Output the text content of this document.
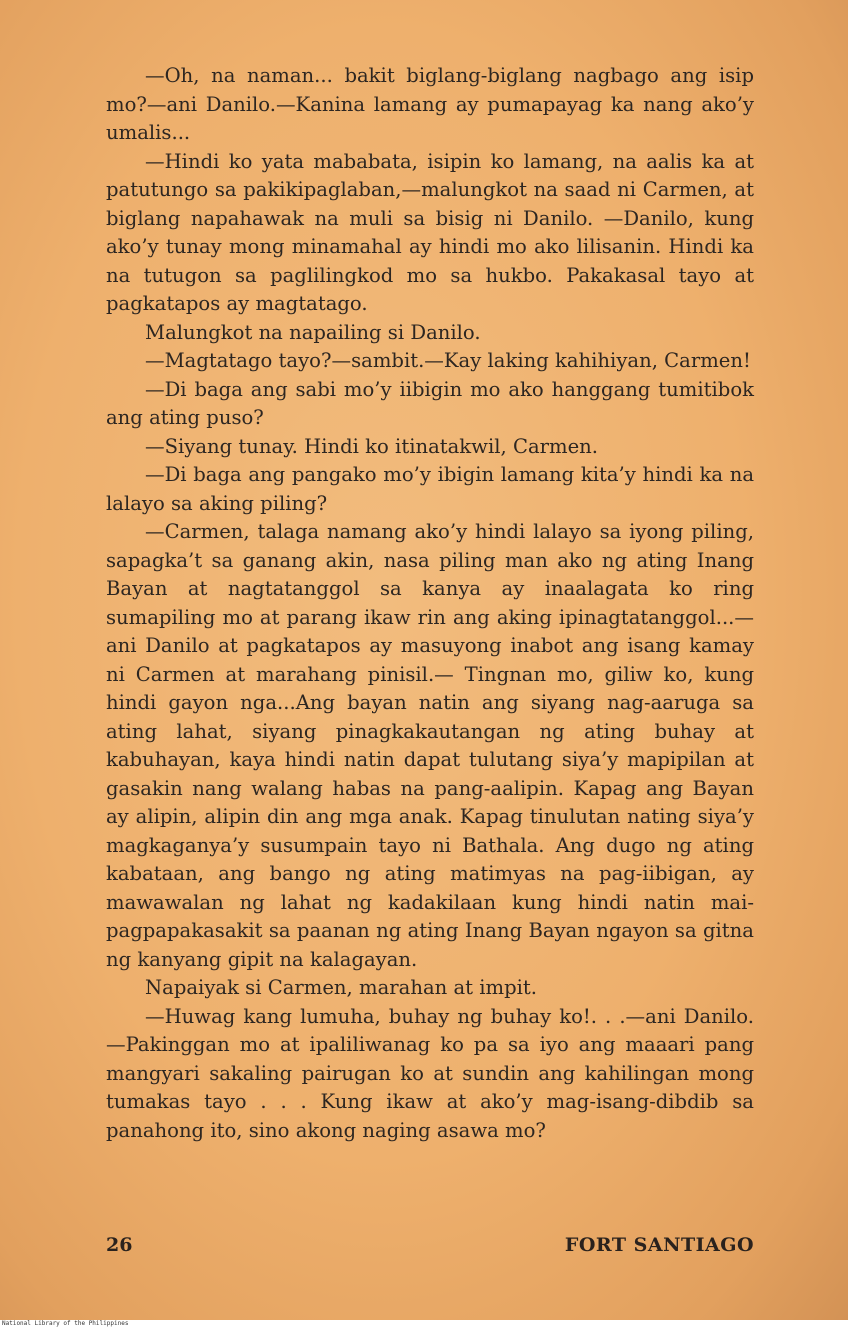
—Oh, na naman... bakit biglang-biglang nagbago ang isip mo?—ani Danilo.—Kanina lamang ay pumapayag ka nang ako’y umalis...

—Hindi ko yata mababata, isipin ko lamang, na aalis ka at patutungo sa pakikipaglaban,—malungkot na saad ni Carmen, at biglang napahawak na muli sa bisig ni Danilo. —Danilo, kung ako’y tunay mong minamahal ay hindi mo ako lilisanin. Hindi ka na tutugon sa paglilingkod mo sa hukbo. Pakakasal tayo at pagkatapos ay magtatago.

Malungkot na napailing si Danilo.

—Magtatago tayo?—sambit.—Kay laking kahihiyan, Carmen!

—Di baga ang sabi mo’y iibigin mo ako hanggang tumitibok ang ating puso?

—Siyang tunay. Hindi ko itinatakwil, Carmen.

—Di baga ang pangako mo’y ibigin lamang kita’y hindi ka na lalayo sa aking piling?

—Carmen, talaga namang ako’y hindi lalayo sa iyong piling, sapagka’t sa ganang akin, nasa piling man ako ng ating Inang Bayan at nagtatanggol sa kanya ay inaalagata ko ring sumapiling mo at parang ikaw rin ang aking ipinagtatanggol...—ani Danilo at pagkatapos ay masuyong inabot ang isang kamay ni Carmen at marahang pinisil.— Tingnan mo, giliw ko, kung hindi gayon nga...Ang bayan natin ang siyang nag-aaruga sa ating lahat, siyang pinagkakautangan ng ating buhay at kabuhayan, kaya hindi natin dapat tulutang siya’y mapipilan at gasakin nang walang habas na pang-aalipin. Kapag ang Bayan ay alipin, alipin din ang mga anak. Kapag tinulutan nating siya’y magkaganya’y susumpain tayo ni Bathala. Ang dugo ng ating kabataan, ang bango ng ating matimyas na pag-iibigan, ay mawawalan ng lahat ng kadakilaan kung hindi natin maipagpapakasakit sa paanan ng ating Inang Bayan ngayon sa gitna ng kanyang gipit na kalagayan.

Napaiyak si Carmen, marahan at impit.

—Huwag kang lumuha, buhay ng buhay ko!. . .—ani Danilo.—Pakinggan mo at ipaliliwanag ko pa sa iyo ang maaari pang mangyari sakaling pairugan ko at sundin ang kahilingan mong tumakas tayo . . . Kung ikaw at ako’y mag-isang-dibdib sa panahong ito, sino akong naging asawa mo?

26	FORT SANTIAGO
National Library of the Philippines
